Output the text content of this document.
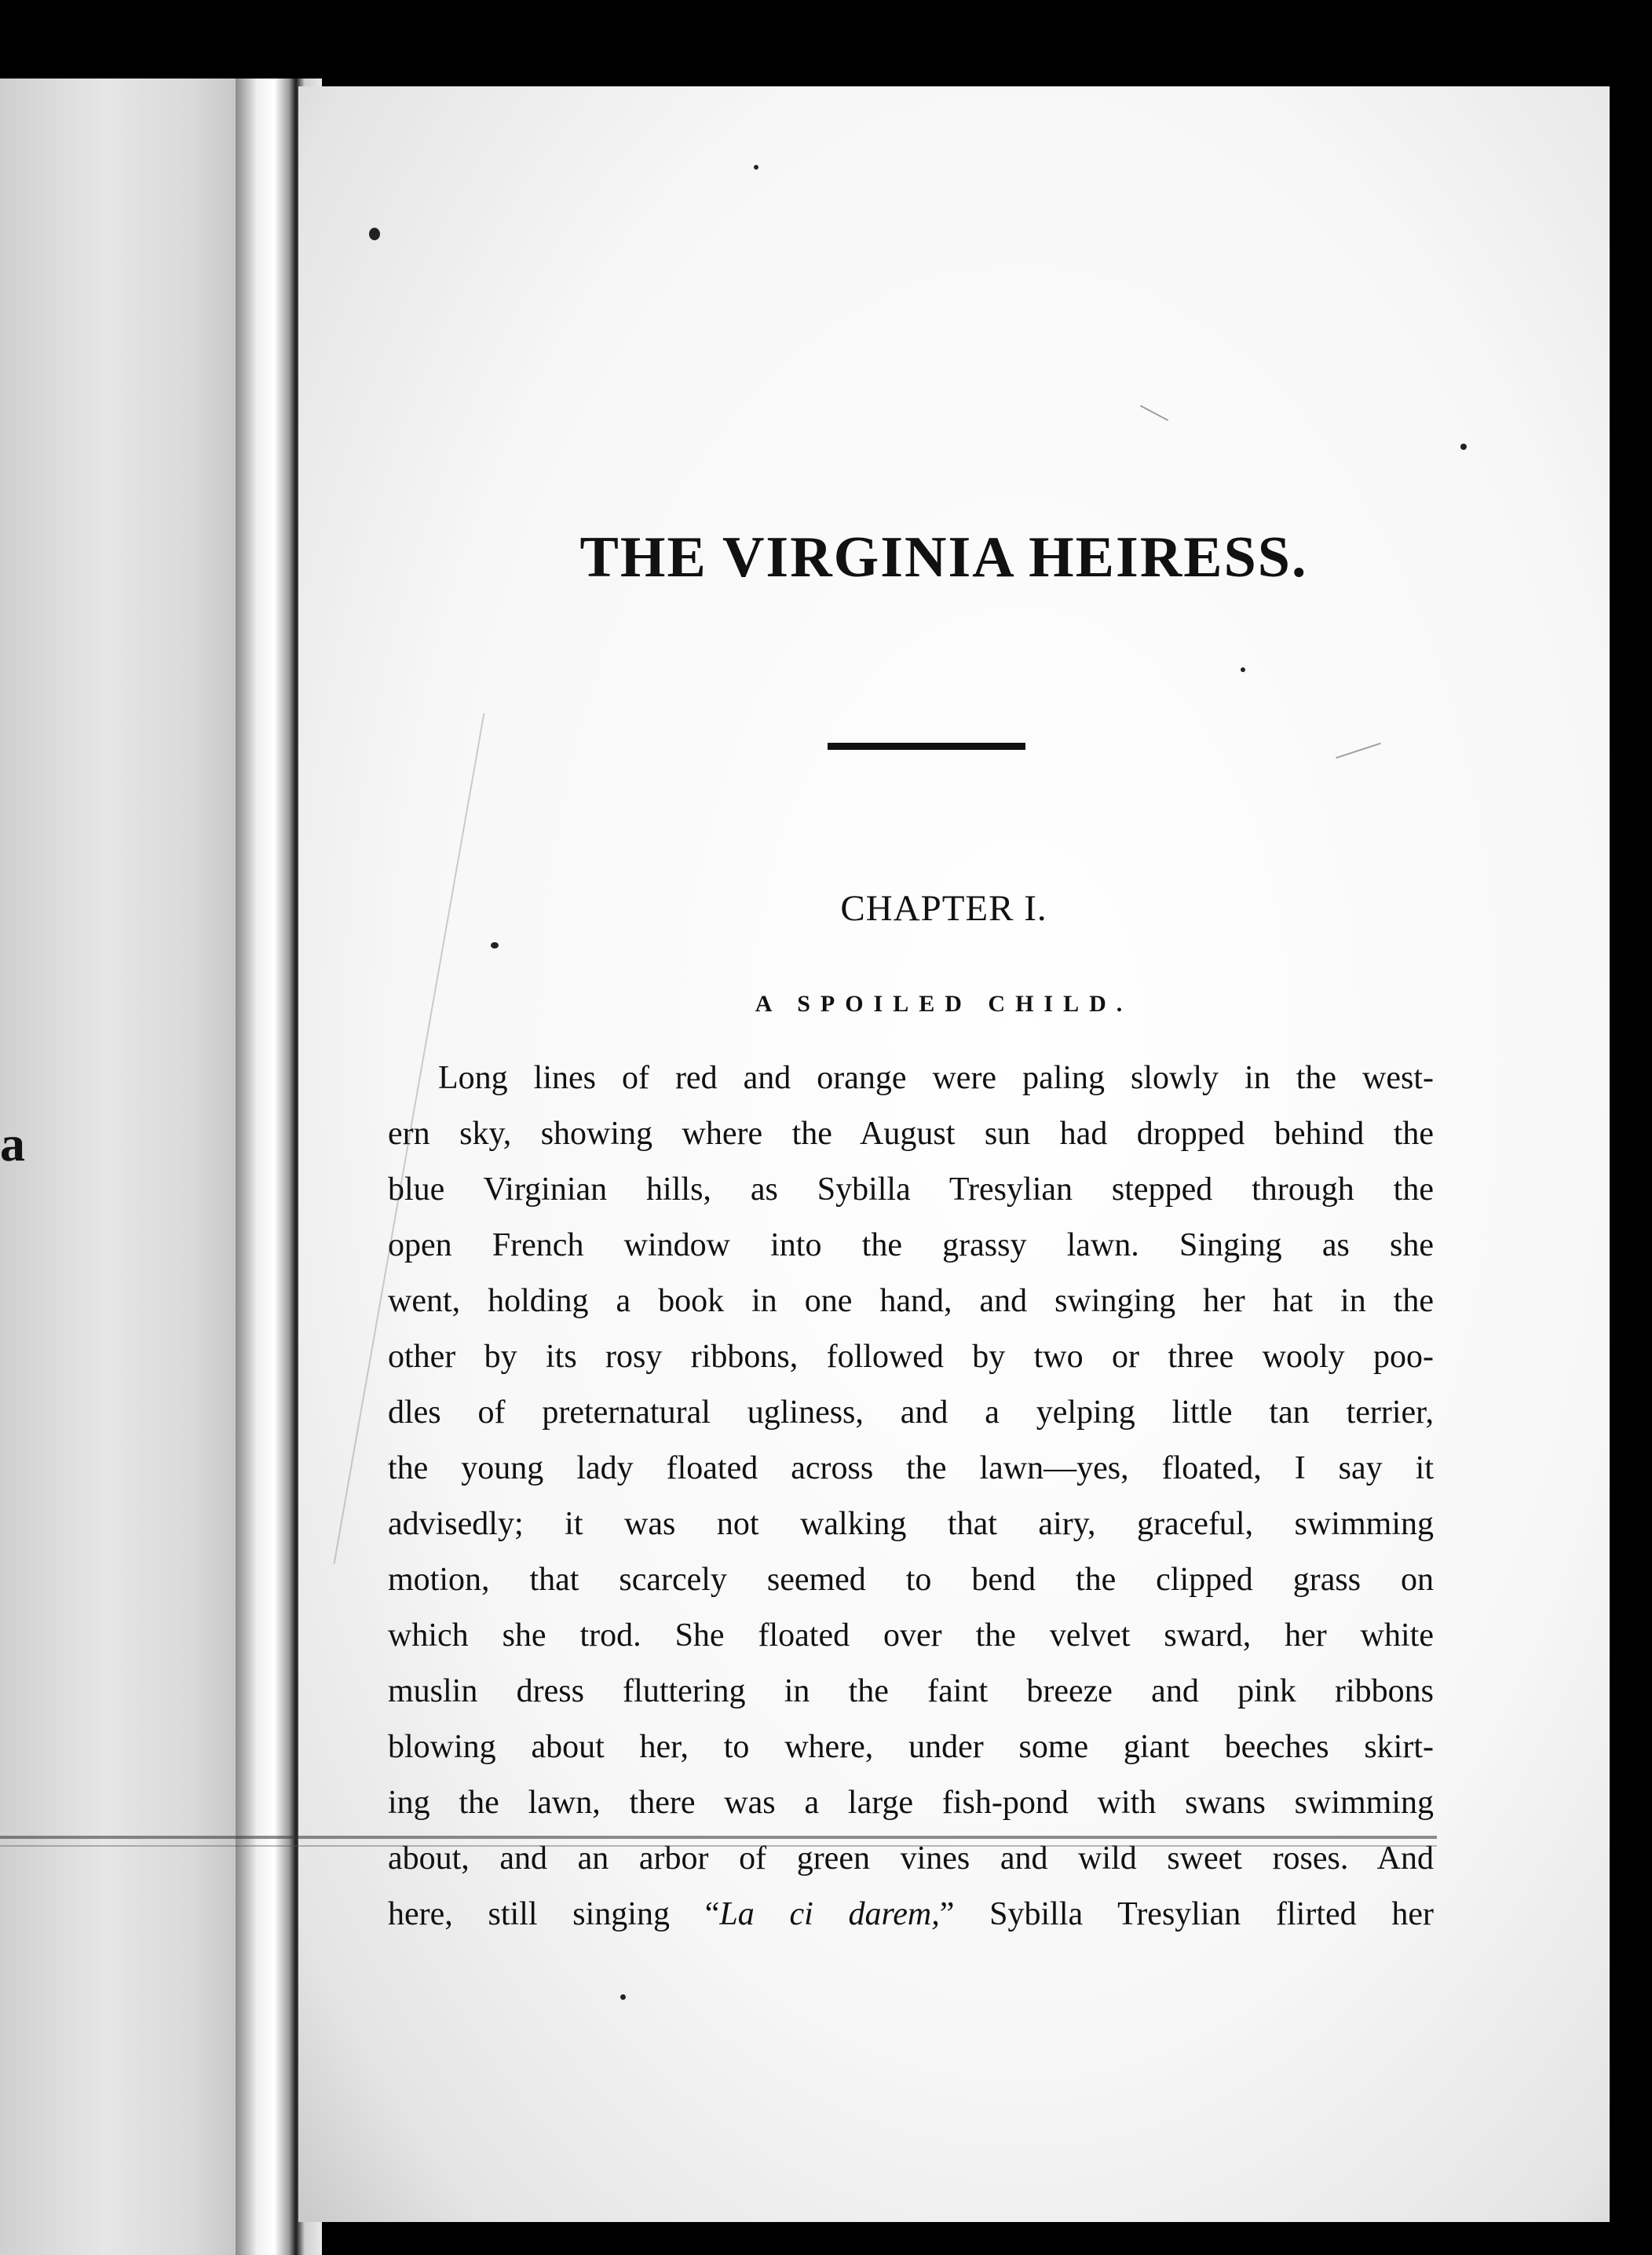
a
THE VIRGINIA HEIRESS.
CHAPTER I.
A SPOILED CHILD.
Long lines of red and orange were paling slowly in the west-
ern sky, showing where the August sun had dropped behind the
blue Virginian hills, as Sybilla Tresylian stepped through the
open French window into the grassy lawn. Singing as she
went, holding a book in one hand, and swinging her hat in the
other by its rosy ribbons, followed by two or three wooly poo-
dles of preternatural ugliness, and a yelping little tan terrier,
the young lady floated across the lawn—yes, floated, I say it
advisedly; it was not walking that airy, graceful, swimming
motion, that scarcely seemed to bend the clipped grass on
which she trod. She floated over the velvet sward, her white
muslin dress fluttering in the faint breeze and pink ribbons
blowing about her, to where, under some giant beeches skirt-
ing the lawn, there was a large fish-pond with swans swimming
about, and an arbor of green vines and wild sweet roses. And
here, still singing “La ci darem,” Sybilla Tresylian flirted her
